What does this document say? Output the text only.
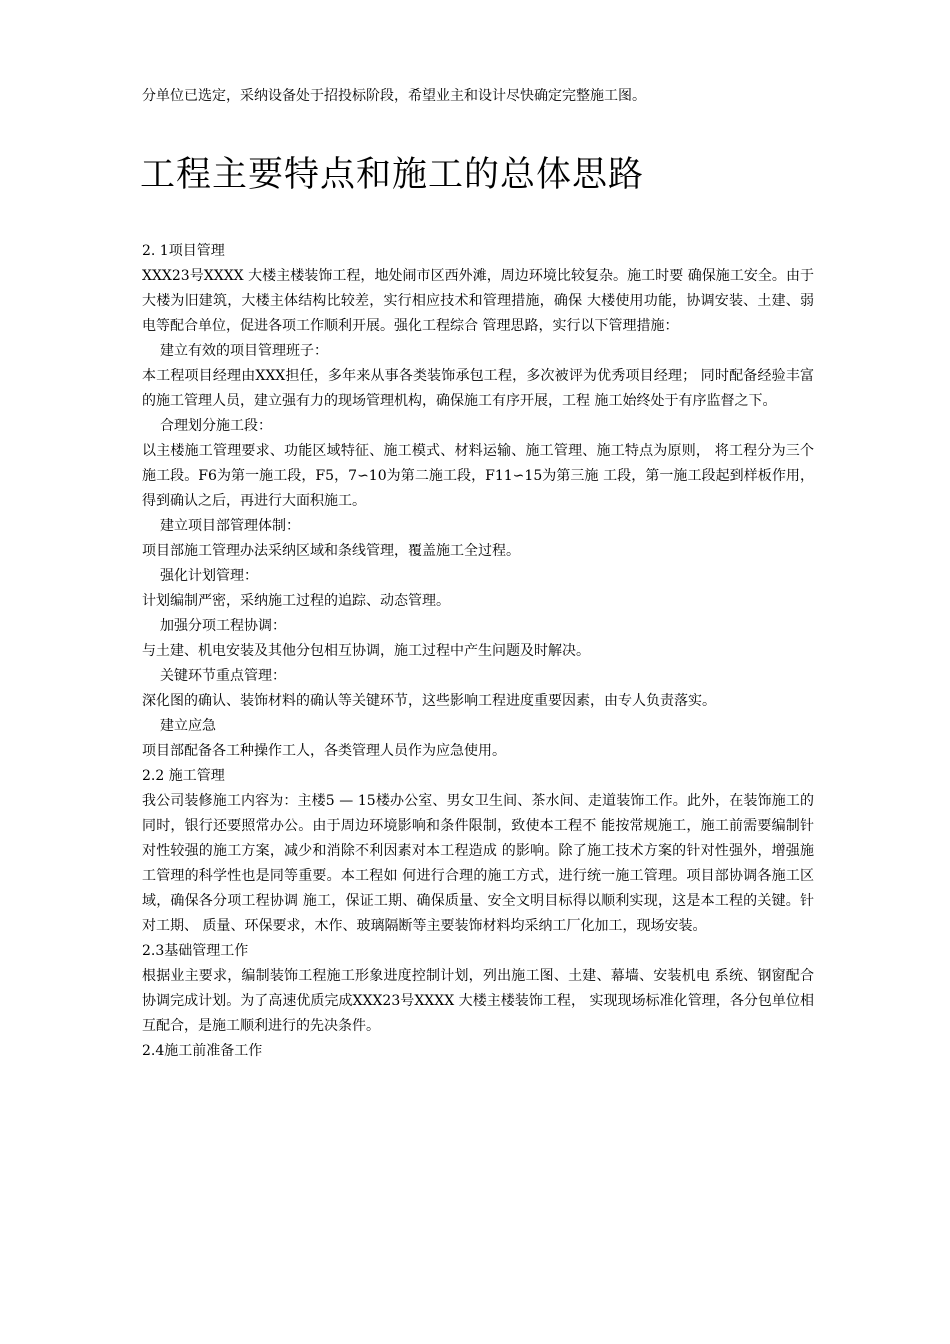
分单位已选定，采纳设备处于招投标阶段，希望业主和设计尽快确定完整施工图。

工程主要特点和施工的总体思路

2. 1项目管理

XXX23号XXXX 大楼主楼装饰工程，地处闹市区西外滩，周边环境比较复杂。施工时要 确保施工安全。由于大楼为旧建筑，大楼主体结构比较差，实行相应技术和管理措施，确保 大楼使用功能，协调安装、土建、弱电等配合单位，促进各项工作顺利开展。强化工程综合 管理思路，实行以下管理措施：

建立有效的项目管理班子：

本工程项目经理由XXX担任，多年来从事各类装饰承包工程，多次被评为优秀项目经理； 同时配备经验丰富的施工管理人员，建立强有力的现场管理机构，确保施工有序开展，工程 施工始终处于有序监督之下。

合理划分施工段：

以主楼施工管理要求、功能区域特征、施工模式、材料运输、施工管理、施工特点为原则， 将工程分为三个施工段。F6为第一施工段，F5，7∽10为第二施工段，F11∽15为第三施 工段，第一施工段起到样板作用，得到确认之后，再进行大面积施工。

建立项目部管理体制：

项目部施工管理办法采纳区域和条线管理，覆盖施工全过程。

强化计划管理：

计划编制严密，采纳施工过程的追踪、动态管理。

加强分项工程协调：

与土建、机电安装及其他分包相互协调，施工过程中产生问题及时解决。

关键环节重点管理：

深化图的确认、装饰材料的确认等关键环节，这些影响工程进度重要因素，由专人负责落实。

建立应急

项目部配备各工种操作工人，各类管理人员作为应急使用。

2.2 施工管理

我公司装修施工内容为：主楼5 — 15楼办公室、男女卫生间、茶水间、走道装饰工作。此外，在装饰施工的同时，银行还要照常办公。由于周边环境影响和条件限制，致使本工程不 能按常规施工，施工前需要编制针对性较强的施工方案，减少和消除不利因素对本工程造成 的影响。除了施工技术方案的针对性强外，增强施工管理的科学性也是同等重要。本工程如 何进行合理的施工方式，进行统一施工管理。项目部协调各施工区域，确保各分项工程协调 施工，保证工期、确保质量、安全文明目标得以顺利实现，这是本工程的关键。针对工期、 质量、环保要求，木作、玻璃隔断等主要装饰材料均采纳工厂化加工，现场安装。

2.3基础管理工作

根据业主要求，编制装饰工程施工形象进度控制计划，列出施工图、土建、幕墙、安装机电 系统、钢窗配合协调完成计划。为了高速优质完成XXX23号XXXX 大楼主楼装饰工程， 实现现场标准化管理，各分包单位相互配合，是施工顺利进行的先决条件。

2.4施工前准备工作
